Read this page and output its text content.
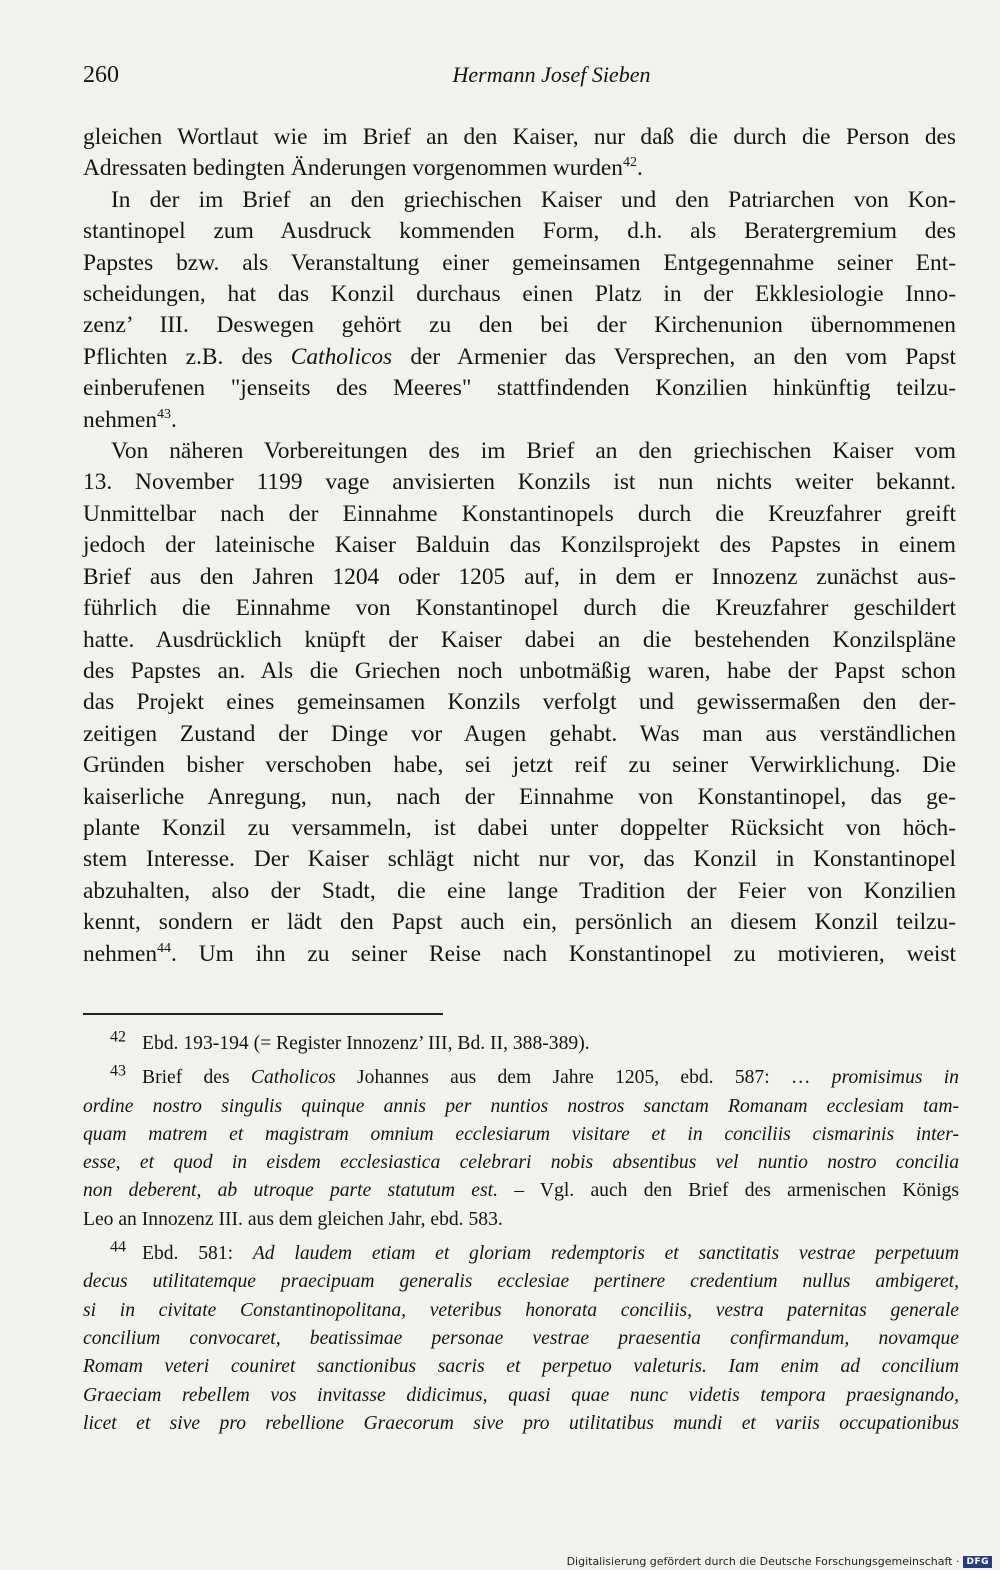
260	Hermann Josef Sieben

gleichen Wortlaut wie im Brief an den Kaiser, nur daß die durch die Person des

Adressaten bedingten Änderungen vorgenommen wurden$^{42}$.

In der im Brief an den griechischen Kaiser und den Patriarchen von Kon-

stantinopel zum Ausdruck kommenden Form, d.h. als Beratergremium des

Papstes bzw. als Veranstaltung einer gemeinsamen Entgegennahme seiner Ent-

scheidungen, hat das Konzil durchaus einen Platz in der Ekklesiologie Inno-

zenz’ III. Deswegen gehört zu den bei der Kirchenunion übernommenen

Pflichten z.B. des Catholicos der Armenier das Versprechen, an den vom Papst

einberufenen "jenseits des Meeres" stattfindenden Konzilien hinkünftig teilzu-

nehmen$^{43}$.

Von näheren Vorbereitungen des im Brief an den griechischen Kaiser vom

13. November 1199 vage anvisierten Konzils ist nun nichts weiter bekannt.

Unmittelbar nach der Einnahme Konstantinopels durch die Kreuzfahrer greift

jedoch der lateinische Kaiser Balduin das Konzilsprojekt des Papstes in einem

Brief aus den Jahren 1204 oder 1205 auf, in dem er Innozenz zunächst aus-

führlich die Einnahme von Konstantinopel durch die Kreuzfahrer geschildert

hatte. Ausdrücklich knüpft der Kaiser dabei an die bestehenden Konzilspläne

des Papstes an. Als die Griechen noch unbotmäßig waren, habe der Papst schon

das Projekt eines gemeinsamen Konzils verfolgt und gewissermaßen den der-

zeitigen Zustand der Dinge vor Augen gehabt. Was man aus verständlichen

Gründen bisher verschoben habe, sei jetzt reif zu seiner Verwirklichung. Die

kaiserliche Anregung, nun, nach der Einnahme von Konstantinopel, das ge-

plante Konzil zu versammeln, ist dabei unter doppelter Rücksicht von höch-

stem Interesse. Der Kaiser schlägt nicht nur vor, das Konzil in Konstantinopel

abzuhalten, also der Stadt, die eine lange Tradition der Feier von Konzilien

kennt, sondern er lädt den Papst auch ein, persönlich an diesem Konzil teilzu-

nehmen$^{44}$. Um ihn zu seiner Reise nach Konstantinopel zu motivieren, weist

$^{42}$ Ebd. 193-194 (= Register Innozenz’ III, Bd. II, 388-389).
$^{43}$ Brief des Catholicos Johannes aus dem Jahre 1205, ebd. 587: … promisimus in
ordine nostro singulis quinque annis per nuntios nostros sanctam Romanam ecclesiam tam-
quam matrem et magistram omnium ecclesiarum visitare et in conciliis cismarinis inter-
esse, et quod in eisdem ecclesiastica celebrari nobis absentibus vel nuntio nostro concilia
non deberent, ab utroque parte statutum est. – Vgl. auch den Brief des armenischen Königs
Leo an Innozenz III. aus dem gleichen Jahr, ebd. 583.
$^{44}$ Ebd. 581: Ad laudem etiam et gloriam redemptoris et sanctitatis vestrae perpetuum
decus utilitatemque praecipuam generalis ecclesiae pertinere credentium nullus ambigeret,
si in civitate Constantinopolitana, veteribus honorata conciliis, vestra paternitas generale
concilium convocaret, beatissimae personae vestrae praesentia confirmandum, novamque
Romam veteri couniret sanctionibus sacris et perpetuo valeturis. Iam enim ad concilium
Graeciam rebellem vos invitasse didicimus, quasi quae nunc videtis tempora praesignando,
licet et sive pro rebellione Graecorum sive pro utilitatibus mundi et variis occupationibus
Digitalisierung gefördert durch die Deutsche Forschungsgemeinschaft · DFG
